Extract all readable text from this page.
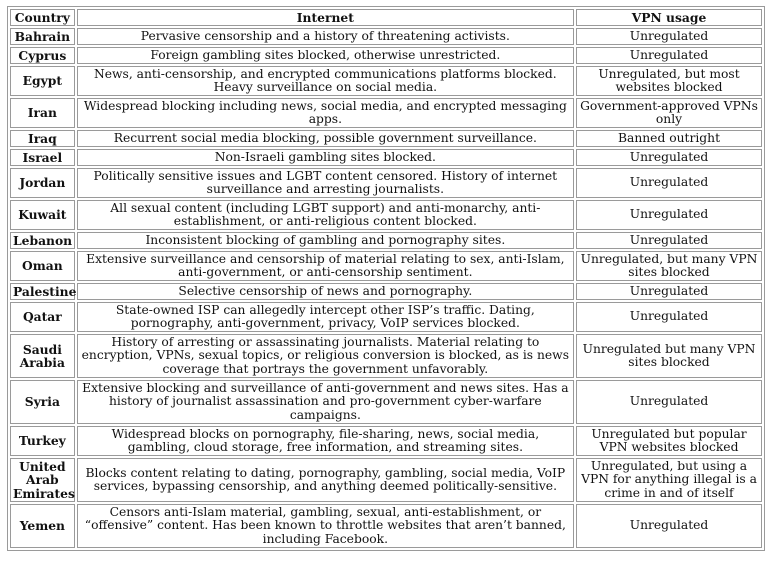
Country	Internet	VPN usage
Bahrain	Pervasive censorship and a history of threatening activists.	Unregulated
Cyprus	Foreign gambling sites blocked, otherwise unrestricted.	Unregulated
Egypt	News, anti-censorship, and encrypted communications platforms blocked. Heavy surveillance on social media.	Unregulated, but most websites blocked
Iran	Widespread blocking including news, social media, and encrypted messaging apps.	Government-approved VPNs only
Iraq	Recurrent social media blocking, possible government surveillance.	Banned outright
Israel	Non-Israeli gambling sites blocked.	Unregulated
Jordan	Politically sensitive issues and LGBT content censored. History of internet surveillance and arresting journalists.	Unregulated
Kuwait	All sexual content (including LGBT support) and anti-monarchy, anti-establishment, or anti-religious content blocked.	Unregulated
Lebanon	Inconsistent blocking of gambling and pornography sites.	Unregulated
Oman	Extensive surveillance and censorship of material relating to sex, anti-Islam, anti-government, or anti-censorship sentiment.	Unregulated, but many VPN sites blocked
Palestine	Selective censorship of news and pornography.	Unregulated
Qatar	State-owned ISP can allegedly intercept other ISP’s traffic. Dating, pornography, anti-government, privacy, VoIP services blocked.	Unregulated
Saudi Arabia	History of arresting or assassinating journalists. Material relating to encryption, VPNs, sexual topics, or religious conversion is blocked, as is news coverage that portrays the government unfavorably.	Unregulated but many VPN sites blocked
Syria	Extensive blocking and surveillance of anti-government and news sites. Has a history of journalist assassination and pro-government cyber-warfare campaigns.	Unregulated
Turkey	Widespread blocks on pornography, file-sharing, news, social media, gambling, cloud storage, free information, and streaming sites.	Unregulated but popular VPN websites blocked
United Arab Emirates	Blocks content relating to dating, pornography, gambling, social media, VoIP services, bypassing censorship, and anything deemed politically-sensitive.	Unregulated, but using a VPN for anything illegal is a crime in and of itself
Yemen	Censors anti-Islam material, gambling, sexual, anti-establishment, or “offensive” content. Has been known to throttle websites that aren’t banned, including Facebook.	Unregulated
